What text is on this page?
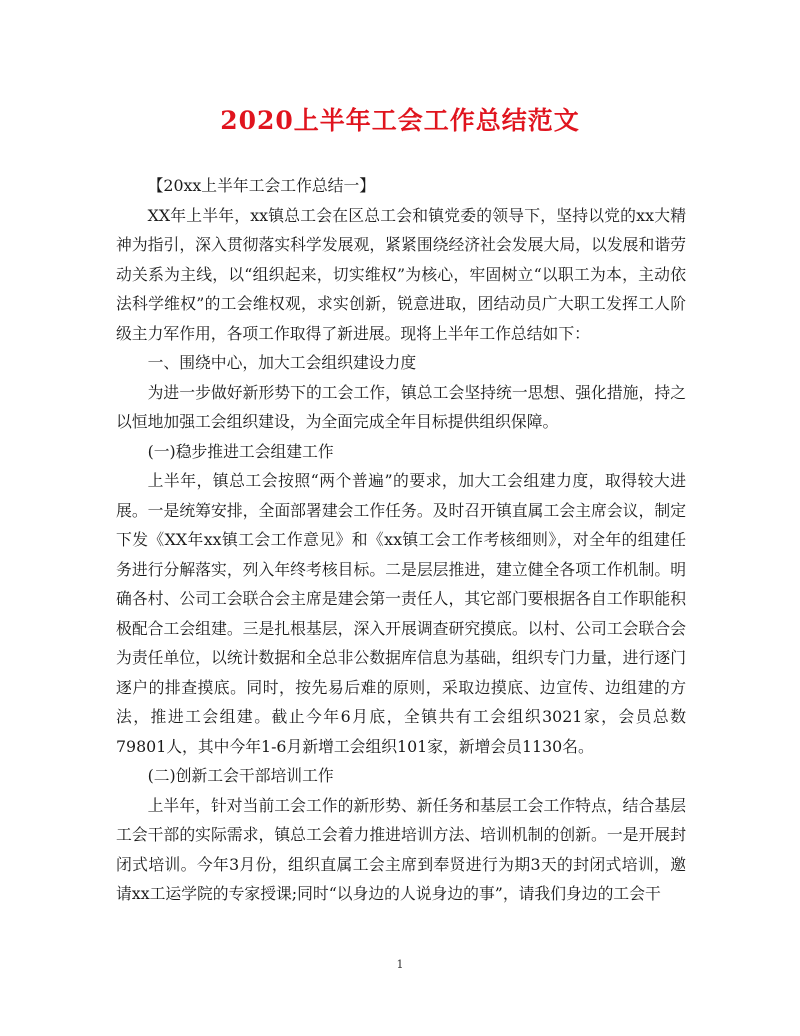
2020上半年工会工作总结范文

【20xx上半年工会工作总结一】

XX年上半年，xx镇总工会在区总工会和镇党委的领导下，坚持以党的xx大精神为指引，深入贯彻落实科学发展观，紧紧围绕经济社会发展大局，以发展和谐劳动关系为主线，以“组织起来，切实维权”为核心，牢固树立“以职工为本，主动依法科学维权”的工会维权观，求实创新，锐意进取，团结动员广大职工发挥工人阶级主力军作用，各项工作取得了新进展。现将上半年工作总结如下：

一、围绕中心，加大工会组织建设力度

为进一步做好新形势下的工会工作，镇总工会坚持统一思想、强化措施，持之以恒地加强工会组织建设，为全面完成全年目标提供组织保障。

(一)稳步推进工会组建工作

上半年，镇总工会按照“两个普遍”的要求，加大工会组建力度，取得较大进展。一是统筹安排，全面部署建会工作任务。及时召开镇直属工会主席会议，制定下发《XX年xx镇工会工作意见》和《xx镇工会工作考核细则》，对全年的组建任务进行分解落实，列入年终考核目标。二是层层推进，建立健全各项工作机制。明确各村、公司工会联合会主席是建会第一责任人，其它部门要根据各自工作职能积极配合工会组建。三是扎根基层，深入开展调查研究摸底。以村、公司工会联合会为责任单位，以统计数据和全总非公数据库信息为基础，组织专门力量，进行逐门逐户的排查摸底。同时，按先易后难的原则，采取边摸底、边宣传、边组建的方法，推进工会组建。截止今年6月底，全镇共有工会组织3021家，会员总数79801人，其中今年1-6月新增工会组织101家，新增会员1130名。

(二)创新工会干部培训工作

上半年，针对当前工会工作的新形势、新任务和基层工会工作特点，结合基层工会干部的实际需求，镇总工会着力推进培训方法、培训机制的创新。一是开展封闭式培训。今年3月份，组织直属工会主席到奉贤进行为期3天的封闭式培训，邀请xx工运学院的专家授课;同时“以身边的人说身边的事”，请我们身边的工会干

1
